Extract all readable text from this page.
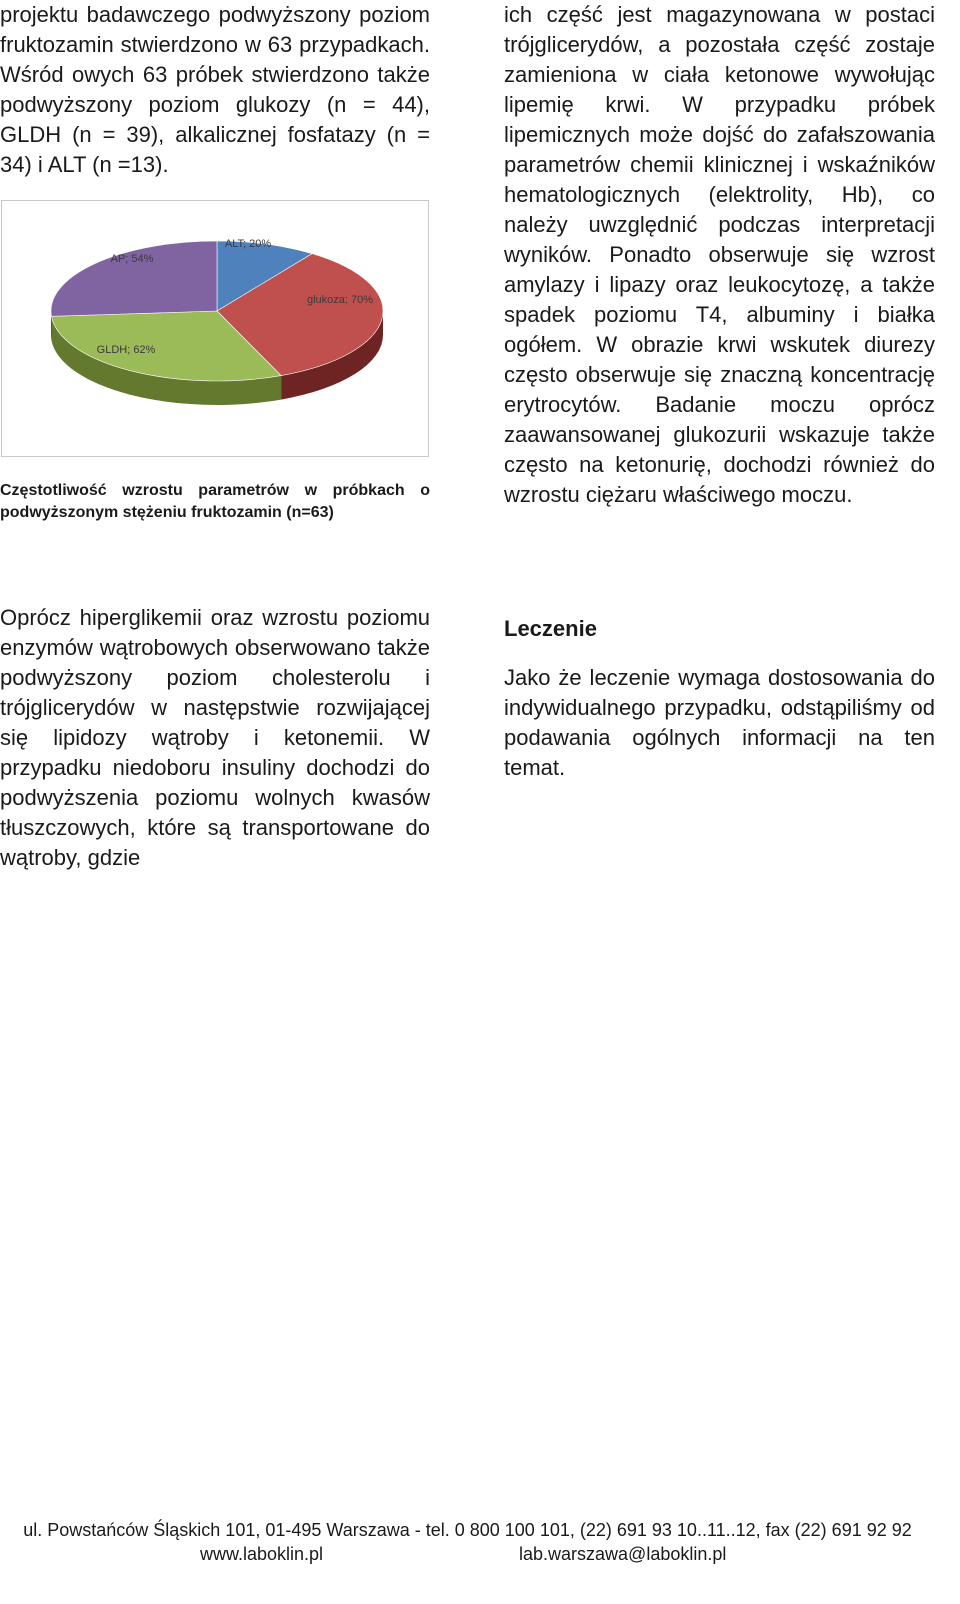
projektu badawczego podwyższony poziom fruktozamin stwierdzono w 63 przypadkach. Wśród owych 63 próbek stwierdzono także podwyższony poziom glukozy (n = 44), GLDH (n = 39), alkalicznej fosfatazy (n = 34) i ALT (n =13).

ALT; 20%
glukoza; 70%
GLDH; 62%
AP; 54%

Częstotliwość wzrostu parametrów w próbkach o podwyższonym stężeniu fruktozamin (n=63)

Oprócz hiperglikemii oraz wzrostu poziomu enzymów wątrobowych obserwowano także podwyższony poziom cholesterolu i trójglicerydów w następstwie rozwijającej się lipidozy wątroby i ketonemii. W przypadku niedoboru insuliny dochodzi do podwyższenia poziomu wolnych kwasów tłuszczowych, które są transportowane do wątroby, gdzie

ich część jest magazynowana w postaci trójglicerydów, a pozostała część zostaje zamieniona w ciała ketonowe wywołując lipemię krwi. W przypadku próbek lipemicznych może dojść do zafałszowania parametrów chemii klinicznej i wskaźników hematologicznych (elektrolity, Hb), co należy uwzględnić podczas interpretacji wyników. Ponadto obserwuje się wzrost amylazy i lipazy oraz leukocytozę, a także spadek poziomu T4, albuminy i białka ogółem. W obrazie krwi wskutek diurezy często obserwuje się znaczną koncentrację erytrocytów. Badanie moczu oprócz zaawansowanej glukozurii wskazuje także często na ketonurię, dochodzi również do wzrostu ciężaru właściwego moczu.

Leczenie

Jako że leczenie wymaga dostosowania do indywidualnego przypadku, odstąpiliśmy od podawania ogólnych informacji na ten temat.

ul. Powstańców Śląskich 101, 01-495 Warszawa - tel. 0 800 100 101, (22) 691 93 10..11..12, fax (22) 691 92 92
www.laboklin.pl	lab.warszawa@laboklin.pl
